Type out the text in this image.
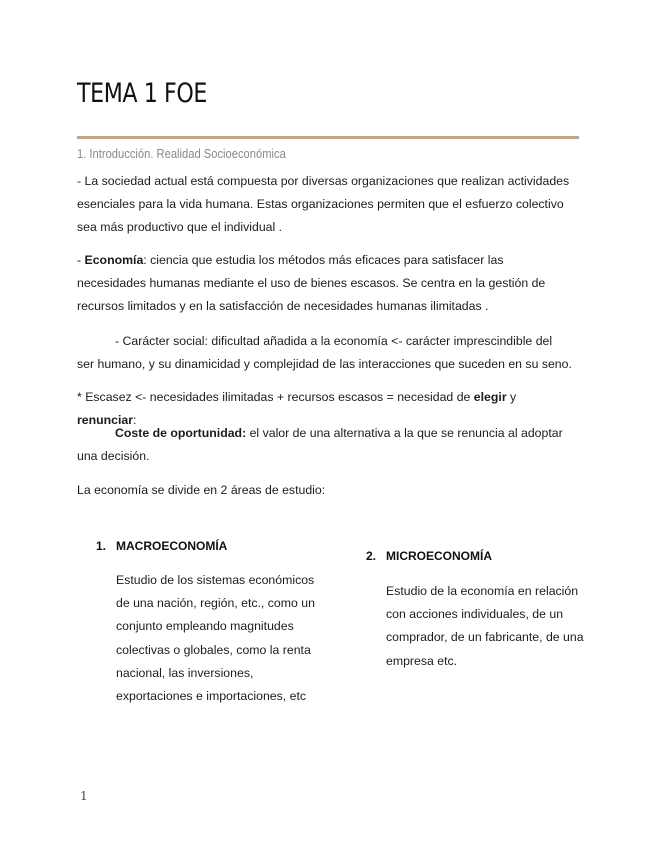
TEMA 1 FOE
1. Introducción. Realidad Socioeconómica

- La sociedad actual está compuesta por diversas organizaciones que realizan actividades esenciales para la vida humana. Estas organizaciones permiten que el esfuerzo colectivo sea más productivo que el individual .

- Economía: ciencia que estudia los métodos más eficaces para satisfacer las necesidades humanas mediante el uso de bienes escasos. Se centra en la gestión de recursos limitados y en la satisfacción de necesidades humanas ilimitadas .

- Carácter social: dificultad añadida a la economía <- carácter imprescindible del ser humano, y su dinamicidad y complejidad de las interacciones que suceden en su seno.

* Escasez <- necesidades ilimitadas + recursos escasos = necesidad de elegir y renunciar:

Coste de oportunidad: el valor de una alternativa a la que se renuncia al adoptar una decisión.

La economía se divide en 2 áreas de estudio:

1. MACROECONOMÍA

Estudio de los sistemas económicos de una nación, región, etc., como un conjunto empleando magnitudes colectivas o globales, como la renta nacional, las inversiones, exportaciones e importaciones, etc

2. MICROECONOMÍA

Estudio de la economía en relación con acciones individuales, de un comprador, de un fabricante, de una empresa etc.

1
